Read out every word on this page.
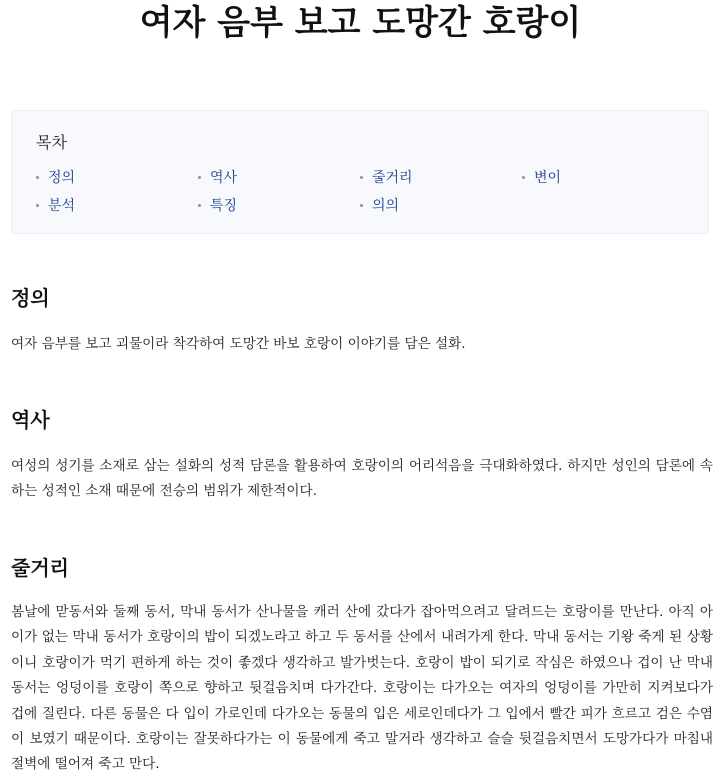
여자 음부 보고 도망간 호랑이
목차
정의	역사	줄거리	변이
분석	특징	의의
정의

여자 음부를 보고 괴물이라 착각하여 도망간 바보 호랑이 이야기를 담은 설화.

역사

여성의 성기를 소재로 삼는 설화의 성적 담론을 활용하여 호랑이의 어리석음을 극대화하였다. 하지만 성인의 담론에 속하는 성적인 소재 때문에 전승의 범위가 제한적이다.

줄거리

봄날에 맏동서와 둘째 동서, 막내 동서가 산나물을 캐러 산에 갔다가 잡아먹으려고 달려드는 호랑이를 만난다. 아직 아이가 없는 막내 동서가 호랑이의 밥이 되겠노라고 하고 두 동서를 산에서 내려가게 한다. 막내 동서는 기왕 죽게 된 상황이니 호랑이가 먹기 편하게 하는 것이 좋겠다 생각하고 발가벗는다. 호랑이 밥이 되기로 작심은 하였으나 겁이 난 막내 동서는 엉덩이를 호랑이 쪽으로 향하고 뒷걸음치며 다가간다. 호랑이는 다가오는 여자의 엉덩이를 가만히 지켜보다가 겁에 질린다. 다른 동물은 다 입이 가로인데 다가오는 동물의 입은 세로인데다가 그 입에서 빨간 피가 흐르고 검은 수염이 보였기 때문이다. 호랑이는 잘못하다가는 이 동물에게 죽고 말거라 생각하고 슬슬 뒷걸음치면서 도망가다가 마침내 절벽에 떨어져 죽고 만다.
